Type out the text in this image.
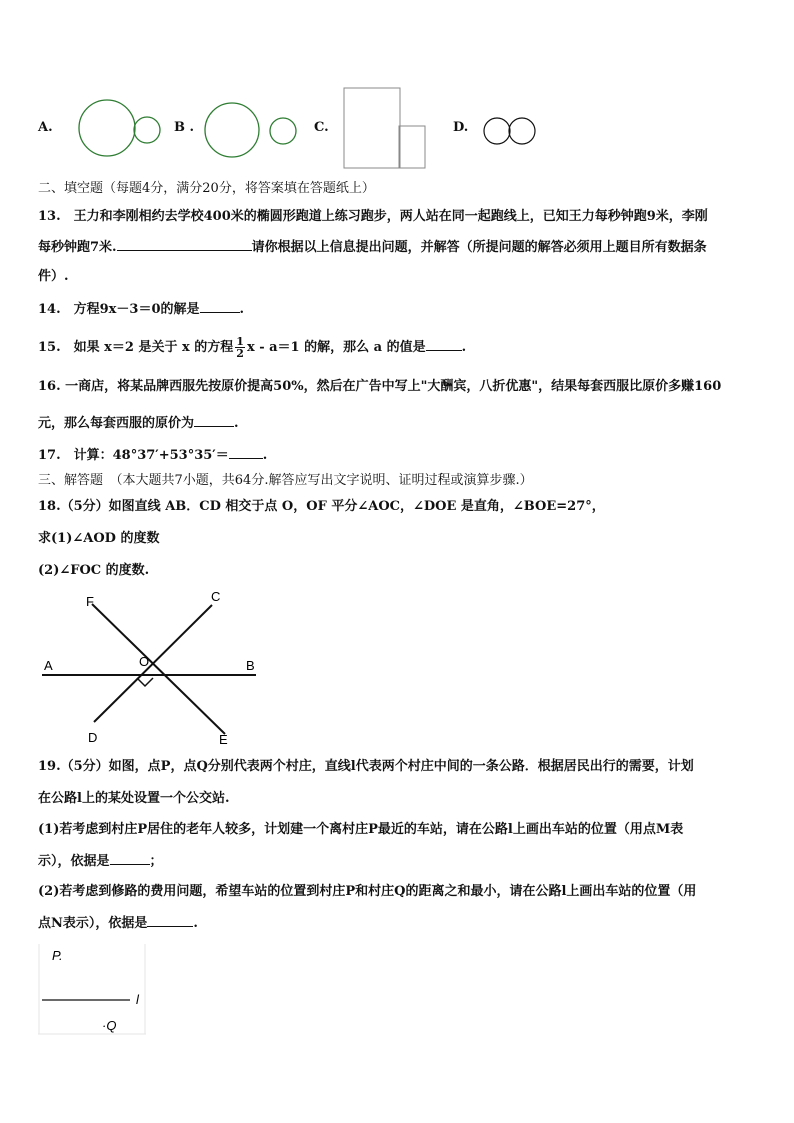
A.	B .	C.	D.
二、填空题（每题4分，满分20分，将答案填在答题纸上）
13.　王力和李刚相约去学校400米的椭圆形跑道上练习跑步，两人站在同一起跑线上，已知王力每秒钟跑9米，李刚
每秒钟跑7米.	请你根据以上信息提出问题，并解答（所提问题的解答必须用上题目所有数据条
件）.
14.　方程9x－3＝0的解是	.
15.　如果 x＝2 是关于 x 的方程 $\frac{1}{2}$ x - a＝1 的解，那么 a 的值是	.
16. 一商店，将某品牌西服先按原价提高50%，然后在广告中写上"大酬宾，八折优惠"，结果每套西服比原价多赚160
元，那么每套西服的原价为	.
17.　计算：48°37′+53°35′＝	.
三、解答题　（本大题共7小题，共64分.解答应写出文字说明、证明过程或演算步骤.）
18.（5分）如图直线 AB．CD 相交于点 O，OF 平分∠AOC，∠DOE 是直角，∠BOE=27°，
求(1)∠AOD 的度数
(2)∠FOC 的度数.
F	C
A	O	B
D	E
19.（5分）如图，点P，点Q分别代表两个村庄，直线l代表两个村庄中间的一条公路．根据居民出行的需要，计划
在公路l上的某处设置一个公交站.
(1)若考虑到村庄P居住的老年人较多，计划建一个离村庄P最近的车站，请在公路l上画出车站的位置（用点M表
示），依据是	；
(2)若考虑到修路的费用问题，希望车站的位置到村庄P和村庄Q的距离之和最小，请在公路l上画出车站的位置（用
点N表示），依据是	.
P.
l
·Q
